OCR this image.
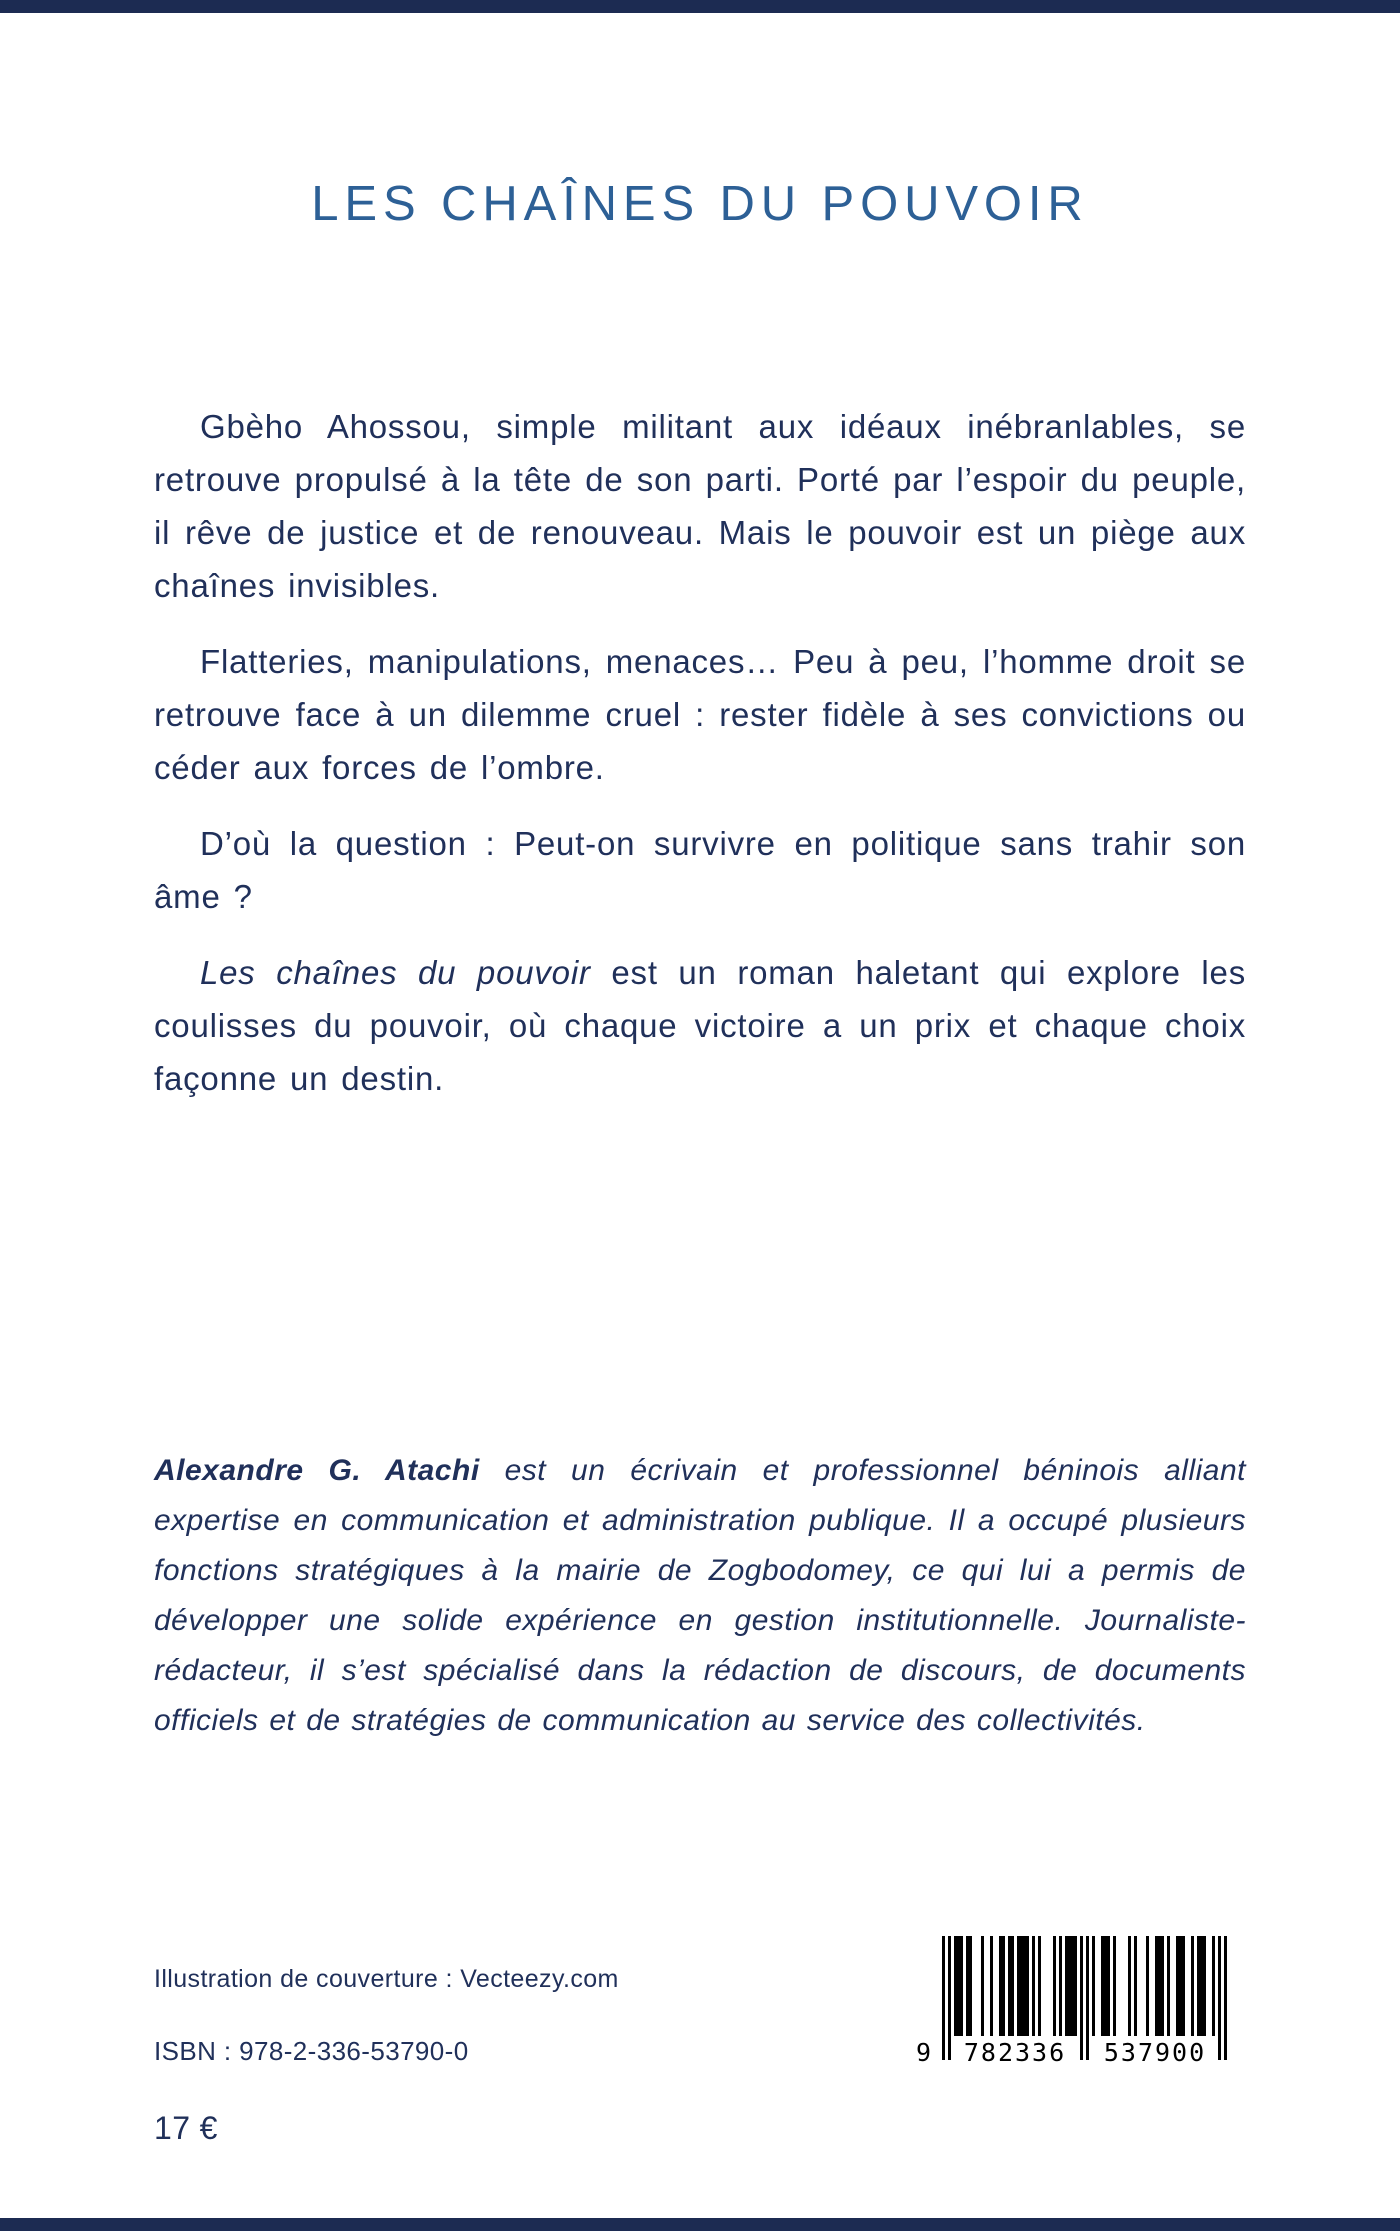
LES CHAÎNES DU POUVOIR

Gbèho Ahossou, simple militant aux idéaux inébranlables, se retrouve propulsé à la tête de son parti. Porté par l’espoir du peuple, il rêve de justice et de renouveau. Mais le pouvoir est un piège aux chaînes invisibles.

Flatteries, manipulations, menaces… Peu à peu, l’homme droit se retrouve face à un dilemme cruel : rester fidèle à ses convictions ou céder aux forces de l’ombre.

D’où la question : Peut-on survivre en politique sans trahir son âme ?

Les chaînes du pouvoir est un roman haletant qui explore les coulisses du pouvoir, où chaque victoire a un prix et chaque choix façonne un destin.

Alexandre G. Atachi est un écrivain et professionnel béninois alliant expertise en communication et administration publique. Il a occupé plusieurs fonctions stratégiques à la mairie de Zogbodomey, ce qui lui a permis de développer une solide expérience en gestion institutionnelle. Journaliste-rédacteur, il s’est spécialisé dans la rédaction de discours, de documents officiels et de stratégies de communication au service des collectivités.

Illustration de couverture : Vecteezy.com

ISBN : 978-2-336-53790-0

17 €

9	782336	537900
